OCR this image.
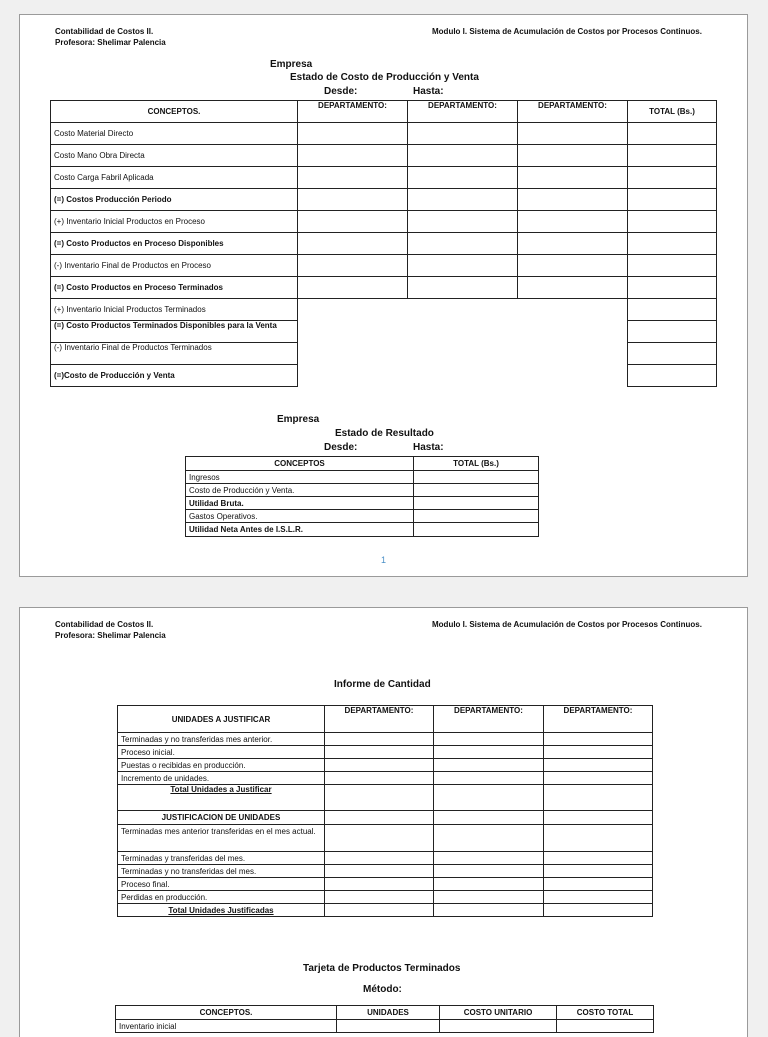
Contabilidad de Costos II.
Profesora: Shelimar Palencia
Modulo I. Sistema de Acumulación de Costos por Procesos Continuos.
Empresa
Estado de Costo de Producción y Venta
Desde:	Hasta:
CONCEPTOS.	DEPARTAMENTO:	DEPARTAMENTO:	DEPARTAMENTO:	TOTAL (Bs.)
Costo Material Directo				
Costo Mano Obra Directa				
Costo Carga Fabril Aplicada				
(=) Costos Producción Periodo				
(+) Inventario Inicial Productos en Proceso				
(=) Costo Productos en Proceso Disponibles				
(-) Inventario Final de Productos en Proceso				
(=) Costo Productos en Proceso Terminados				
(+) Inventario Inicial Productos Terminados				
(=) Costo Productos Terminados Disponibles para la Venta				
(-) Inventario Final de Productos Terminados				
(=)Costo de Producción y Venta				
Empresa
Estado de Resultado
Desde:	Hasta:
CONCEPTOS	TOTAL (Bs.)
Ingresos	
Costo de Producción y Venta.	
Utilidad Bruta.	
Gastos Operativos.	
Utilidad Neta Antes de I.S.L.R.	
1
Contabilidad de Costos II.
Profesora: Shelimar Palencia
Modulo I. Sistema de Acumulación de Costos por Procesos Continuos.
Informe de Cantidad
UNIDADES A JUSTIFICAR	DEPARTAMENTO:	DEPARTAMENTO:	DEPARTAMENTO:
Terminadas y no transferidas mes anterior.			
Proceso inicial.			
Puestas o recibidas en producción.			
Incremento de unidades.			
Total Unidades a Justificar			
JUSTIFICACION DE UNIDADES			
Terminadas mes anterior transferidas en el mes actual.			
Terminadas y transferidas del mes.			
Terminadas y no transferidas del mes.			
Proceso final.			
Perdidas en producción.			
Total Unidades Justificadas			
Tarjeta de Productos Terminados
Método:
CONCEPTOS.	UNIDADES	COSTO UNITARIO	COSTO TOTAL
Inventario inicial			
